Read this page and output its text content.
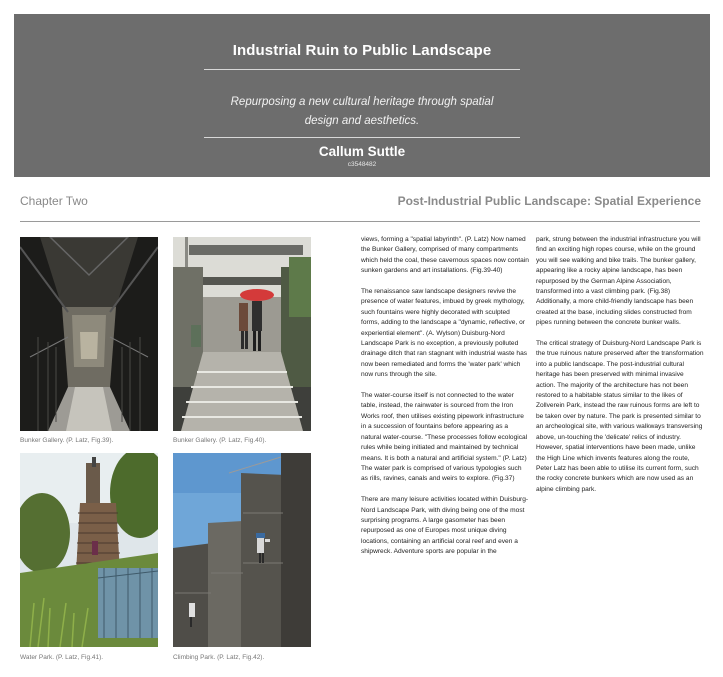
Industrial Ruin to Public Landscape
Repurposing a new cultural heritage through spatial
design and aesthetics.
Callum Suttle
c3548482
Chapter Two	Post-Industrial Public Landscape: Spatial Experience
Bunker Gallery. (P. Latz, Fig.39).	Bunker Gallery. (P. Latz, Fig.40).
Water Park. (P. Latz, Fig.41).	Climbing Park. (P. Latz, Fig.42).

views, forming a "spatial labyrinth". (P. Latz) Now named the Bunker Gallery, comprised of many compartments which held the coal, these cavernous spaces now contain sunken gardens and art installations. (Fig.39-40)

The renaissance saw landscape designers revive the presence of water features, imbued by greek mythology, such fountains were highly decorated with sculpted forms, adding to the landscape a "dynamic, reflective, or experiential element". (A. Wylson) Duisburg-Nord Landscape Park is no exception, a previously polluted drainage ditch that ran stagnant with industrial waste has now been remediated and forms the 'water park' which now runs through the site.

The water-course itself is not connected to the water table, instead, the rainwater is sourced from the Iron Works roof, then utilises existing pipework infrastructure in a succession of fountains before appearing as a natural water-course. "These processes follow ecological rules while being initiated and maintained by technical means. It is both a natural and artificial system." (P. Latz) The water park is comprised of various typologies such as rills, ravines, canals and weirs to explore. (Fig.37)

There are many leisure activities located within Duisburg-Nord Landscape Park, with diving being one of the most surprising programs. A large gasometer has been repurposed as one of Europes most unique diving locations, containing an artificial coral reef and even a shipwreck. Adventure sports are popular in the

park, strung between the industrial infrastructure you will find an exciting high ropes course, while on the ground you will see walking and bike trails. The bunker gallery, appearing like a rocky alpine landscape, has been repurposed by the German Alpine Association, transformed into a vast climbing park. (Fig.38) Additionally, a more child-friendly landscape has been created at the base, including slides constructed from pipes running between the concrete bunker walls.

The critical strategy of Duisburg-Nord Landscape Park is the true ruinous nature preserved after the transformation into a public landscape. The post-industrial cultural heritage has been preserved with minimal invasive action. The majority of the architecture has not been restored to a habitable status similar to the likes of Zollverein Park, instead the raw ruinous forms are left to be taken over by nature. The park is presented similar to an archeological site, with various walkways transversing above, un-touching the 'delicate' relics of industry. However, spatial interventions have been made, unlike the High Line which invents features along the route, Peter Latz has been able to utilise its current form, such the rocky concrete bunkers which are now used as an alpine climbing park.
